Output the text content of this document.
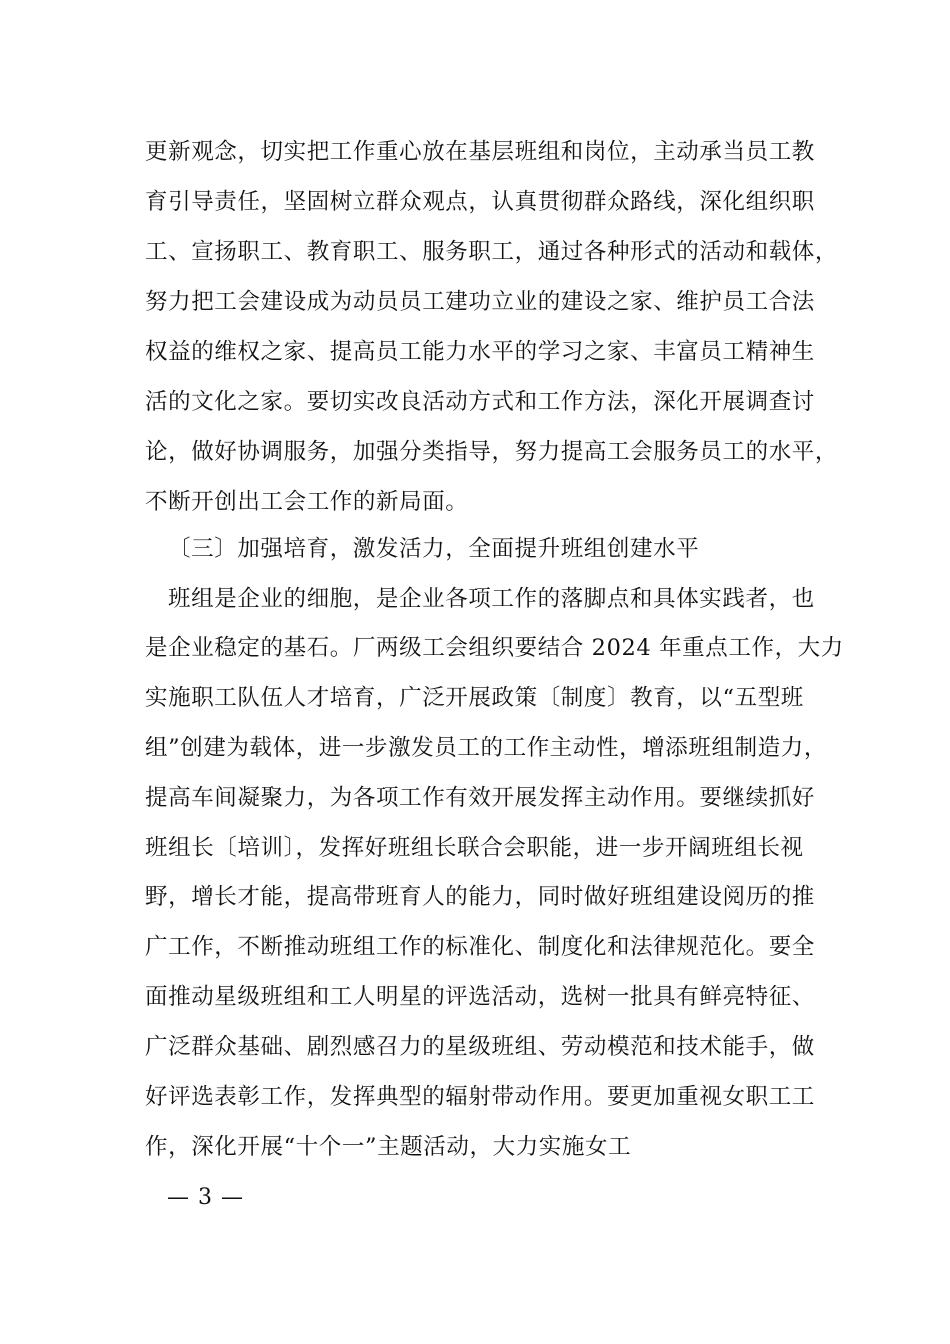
更新观念，切实把工作重心放在基层班组和岗位，主动承当员工教
育引导责任，坚固树立群众观点，认真贯彻群众路线，深化组织职
工、宣扬职工、教育职工、服务职工，通过各种形式的活动和载体，
努力把工会建设成为动员员工建功立业的建设之家、维护员工合法
权益的维权之家、提高员工能力水平的学习之家、丰富员工精神生
活的文化之家。要切实改良活动方式和工作方法，深化开展调查讨
论，做好协调服务，加强分类指导，努力提高工会服务员工的水平，
不断开创出工会工作的新局面。
〔三〕加强培育，激发活力，全面提升班组创建水平
班组是企业的细胞，是企业各项工作的落脚点和具体实践者，也
是企业稳定的基石。厂两级工会组织要结合 2024 年重点工作，大力
实施职工队伍人才培育，广泛开展政策〔制度〕教育，以“五型班
组”创建为载体，进一步激发员工的工作主动性，增添班组制造力，
提高车间凝聚力，为各项工作有效开展发挥主动作用。要继续抓好
班组长〔培训〕，发挥好班组长联合会职能，进一步开阔班组长视
野，增长才能，提高带班育人的能力，同时做好班组建设阅历的推
广工作，不断推动班组工作的标准化、制度化和法律规范化。要全
面推动星级班组和工人明星的评选活动，选树一批具有鲜亮特征、
广泛群众基础、剧烈感召力的星级班组、劳动模范和技术能手，做
好评选表彰工作，发挥典型的辐射带动作用。要更加重视女职工工
作，深化开展“十个一”主题活动，大力实施女工
— 3 —
